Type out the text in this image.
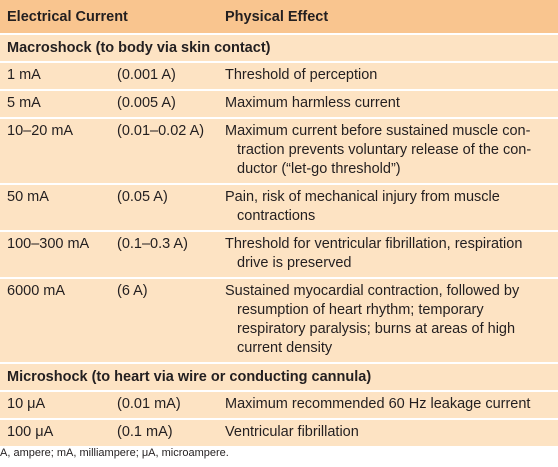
Electrical Current		Physical Effect
Macroshock (to body via skin contact)		
1 mA	(0.001 A)	Threshold of perception

5 mA	(0.005 A)	Maximum harmless current

10–20 mA	(0.01–0.02 A)	Maximum current before sustained muscle con-traction prevents voluntary release of the con-ductor (“let-go threshold”)

50 mA	(0.05 A)	Pain, risk of mechanical injury from muscle contractions

100–300 mA	(0.1–0.3 A)	Threshold for ventricular fibrillation, respiration drive is preserved

6000 mA	(6 A)	Sustained myocardial contraction, followed by resumption of heart rhythm; temporary respiratory paralysis; burns at areas of high current density

Microshock (to heart via wire or conducting cannula)		
10 μA	(0.01 mA)	Maximum recommended 60 Hz leakage current

100 μA	(0.1 mA)	Ventricular fibrillation
A, ampere; mA, milliampere; μA, microampere.
